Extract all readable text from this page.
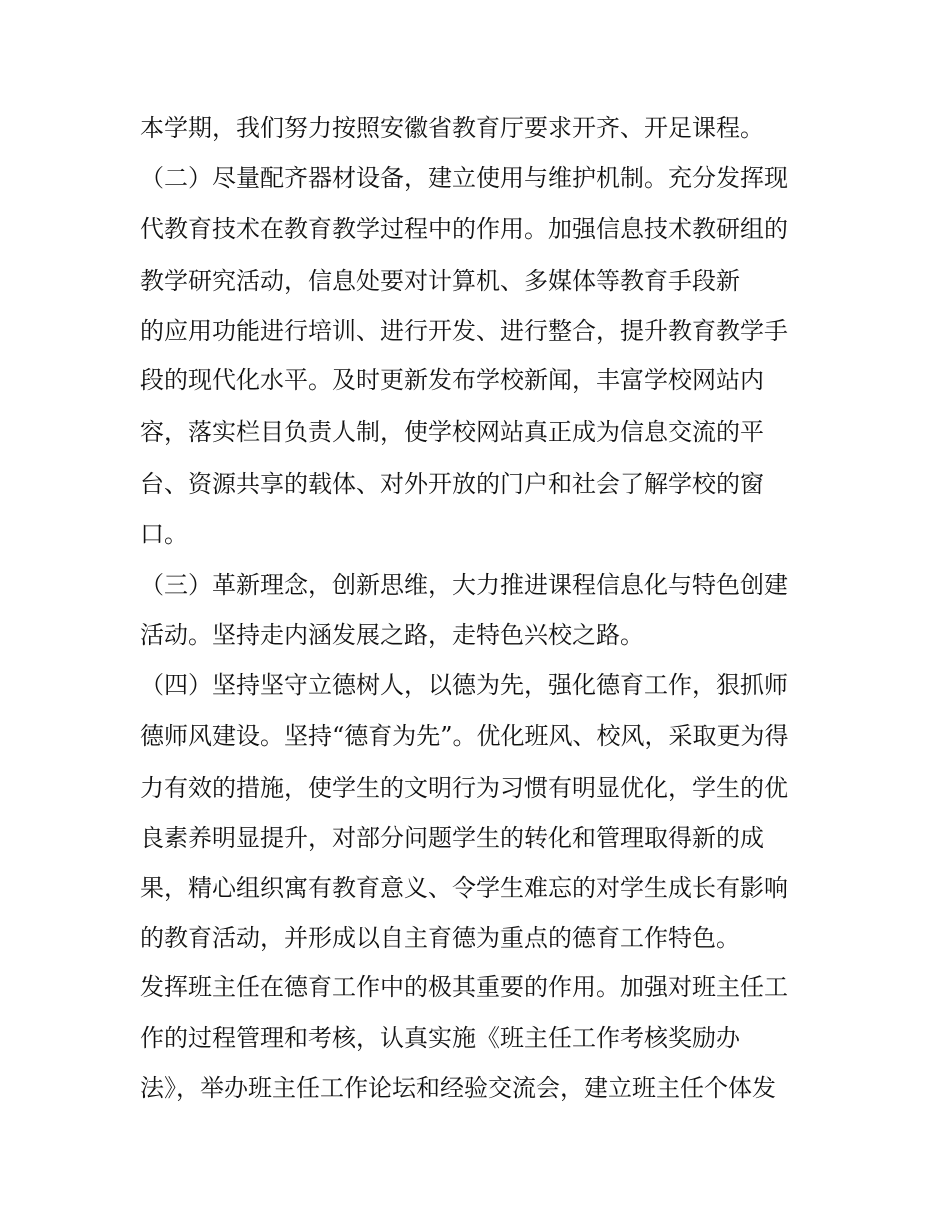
本学期，我们努力按照安徽省教育厅要求开齐、开足课程。
（二）尽量配齐器材设备，建立使用与维护机制。充分发挥现
代教育技术在教育教学过程中的作用。加强信息技术教研组的
教学研究活动，信息处要对计算机、多媒体等教育手段新
的应用功能进行培训、进行开发、进行整合，提升教育教学手
段的现代化水平。及时更新发布学校新闻，丰富学校网站内
容，落实栏目负责人制，使学校网站真正成为信息交流的平
台、资源共享的载体、对外开放的门户和社会了解学校的窗
口。
（三）革新理念，创新思维，大力推进课程信息化与特色创建
活动。坚持走内涵发展之路，走特色兴校之路。
（四）坚持坚守立德树人，以德为先，强化德育工作，狠抓师
德师风建设。坚持“德育为先”。优化班风、校风，采取更为得
力有效的措施，使学生的文明行为习惯有明显优化，学生的优
良素养明显提升，对部分问题学生的转化和管理取得新的成
果，精心组织寓有教育意义、令学生难忘的对学生成长有影响
的教育活动，并形成以自主育德为重点的德育工作特色。
发挥班主任在德育工作中的极其重要的作用。加强对班主任工
作的过程管理和考核，认真实施《班主任工作考核奖励办
法》，举办班主任工作论坛和经验交流会，建立班主任个体发
